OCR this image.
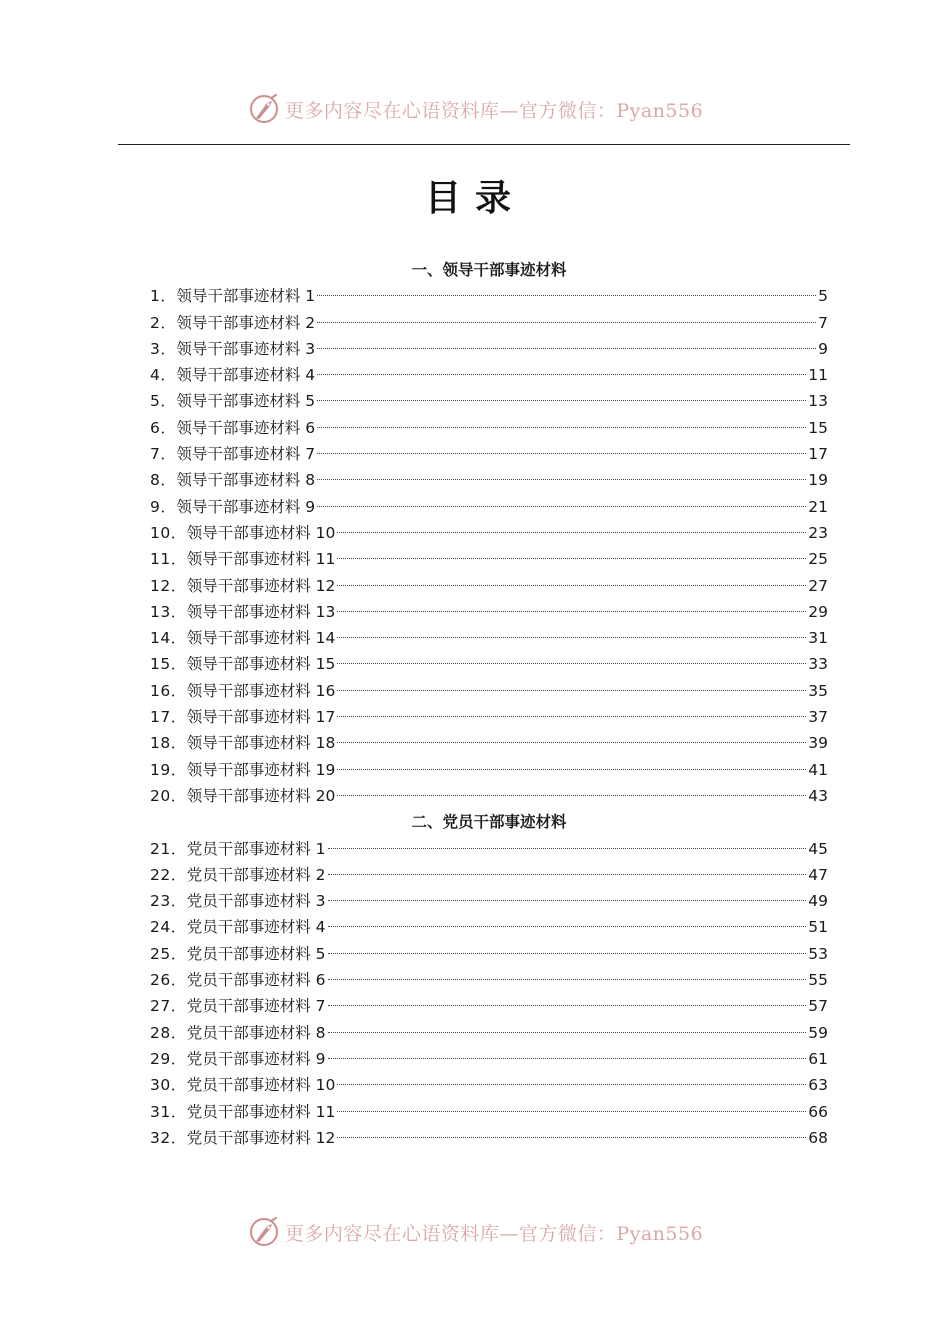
更多内容尽在心语资料库—官方微信：Pyan556
目录
一、领导干部事迹材料
1． 领导干部事迹材料 1	5
2． 领导干部事迹材料 2	7
3． 领导干部事迹材料 3	9
4． 领导干部事迹材料 4	11
5． 领导干部事迹材料 5	13
6． 领导干部事迹材料 6	15
7． 领导干部事迹材料 7	17
8． 领导干部事迹材料 8	19
9． 领导干部事迹材料 9	21
10． 领导干部事迹材料 10	23
11． 领导干部事迹材料 11	25
12． 领导干部事迹材料 12	27
13． 领导干部事迹材料 13	29
14． 领导干部事迹材料 14	31
15． 领导干部事迹材料 15	33
16． 领导干部事迹材料 16	35
17． 领导干部事迹材料 17	37
18． 领导干部事迹材料 18	39
19． 领导干部事迹材料 19	41
20． 领导干部事迹材料 20	43
二、党员干部事迹材料
21． 党员干部事迹材料 1	45
22． 党员干部事迹材料 2	47
23． 党员干部事迹材料 3	49
24． 党员干部事迹材料 4	51
25． 党员干部事迹材料 5	53
26． 党员干部事迹材料 6	55
27． 党员干部事迹材料 7	57
28． 党员干部事迹材料 8	59
29． 党员干部事迹材料 9	61
30． 党员干部事迹材料 10	63
31． 党员干部事迹材料 11	66
32． 党员干部事迹材料 12	68
更多内容尽在心语资料库—官方微信：Pyan556
